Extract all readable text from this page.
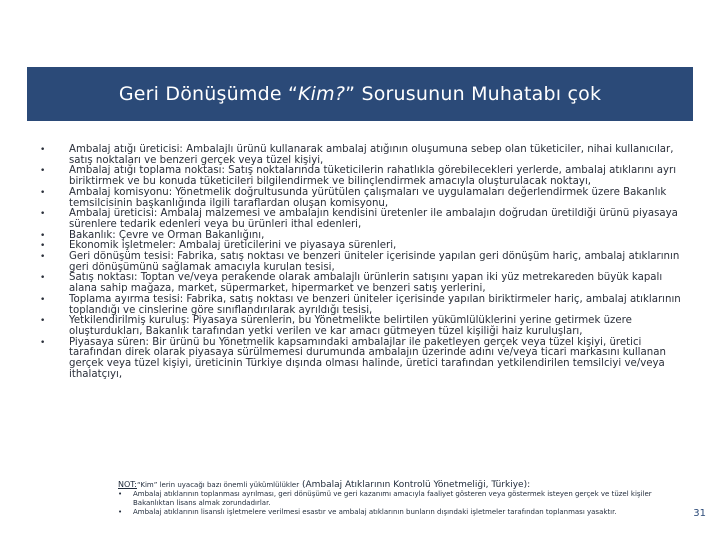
Geri Dönüşümde “Kim?” Sorusunun Muhatabı çok
• Ambalaj atığı üreticisi: Ambalajlı ürünü kullanarak ambalaj atığının oluşumuna sebep olan tüketiciler, nihai kullanıcılar, satış noktaları ve benzeri gerçek veya tüzel kişiyi,
• Ambalaj atığı toplama noktası: Satış noktalarında tüketicilerin rahatlıkla görebilecekleri yerlerde, ambalaj atıklarını ayrı biriktirmek ve bu konuda tüketicileri bilgilendirmek ve bilinçlendirmek amacıyla oluşturulacak noktayı,
• Ambalaj komisyonu: Yönetmelik doğrultusunda yürütülen çalışmaları ve uygulamaları değerlendirmek üzere Bakanlık temsilcisinin başkanlığında ilgili taraflardan oluşan komisyonu,
• Ambalaj üreticisi: Ambalaj malzemesi ve ambalajın kendisini üretenler ile ambalajın doğrudan üretildiği ürünü piyasaya sürenlere tedarik edenleri veya bu ürünleri ithal edenleri,
• Bakanlık: Çevre ve Orman Bakanlığını,
• Ekonomik işletmeler: Ambalaj üreticilerini ve piyasaya sürenleri,
• Geri dönüşüm tesisi: Fabrika, satış noktası ve benzeri üniteler içerisinde yapılan geri dönüşüm hariç, ambalaj atıklarının geri dönüşümünü sağlamak amacıyla kurulan tesisi,
• Satış noktası: Toptan ve/veya perakende olarak ambalajlı ürünlerin satışını yapan iki yüz metrekareden büyük kapalı alana sahip mağaza, market, süpermarket, hipermarket ve benzeri satış yerlerini,
• Toplama ayırma tesisi: Fabrika, satış noktası ve benzeri üniteler içerisinde yapılan biriktirmeler hariç, ambalaj atıklarının toplandığı ve cinslerine göre sınıflandırılarak ayrıldığı tesisi,
• Yetkilendirilmiş kuruluş: Piyasaya sürenlerin, bu Yönetmelikte belirtilen yükümlülüklerini yerine getirmek üzere oluşturdukları, Bakanlık tarafından yetki verilen ve kar amacı gütmeyen tüzel kişiliği haiz kuruluşları,
• Piyasaya süren: Bir ürünü bu Yönetmelik kapsamındaki ambalajlar ile paketleyen gerçek veya tüzel kişiyi, üretici tarafından direk olarak piyasaya sürülmemesi durumunda ambalajın üzerinde adını ve/veya ticari markasını kullanan gerçek veya tüzel kişiyi, üreticinin Türkiye dışında olması halinde, üretici tarafından yetkilendirilen temsilciyi ve/veya ithalatçıyı,
NOT:“Kim” lerin uyacağı bazı önemli yükümlülükler (Ambalaj Atıklarının Kontrolü Yönetmeliği, Türkiye):
• Ambalaj atıklarının toplanması ayrılması, geri dönüşümü ve geri kazanımı amacıyla faaliyet gösteren veya göstermek isteyen gerçek ve tüzel kişiler Bakanlıktan lisans almak zorundadırlar.
• Ambalaj atıklarının lisanslı işletmelere verilmesi esastır ve ambalaj atıklarının bunların dışındaki işletmeler tarafından toplanması yasaktır.	31
